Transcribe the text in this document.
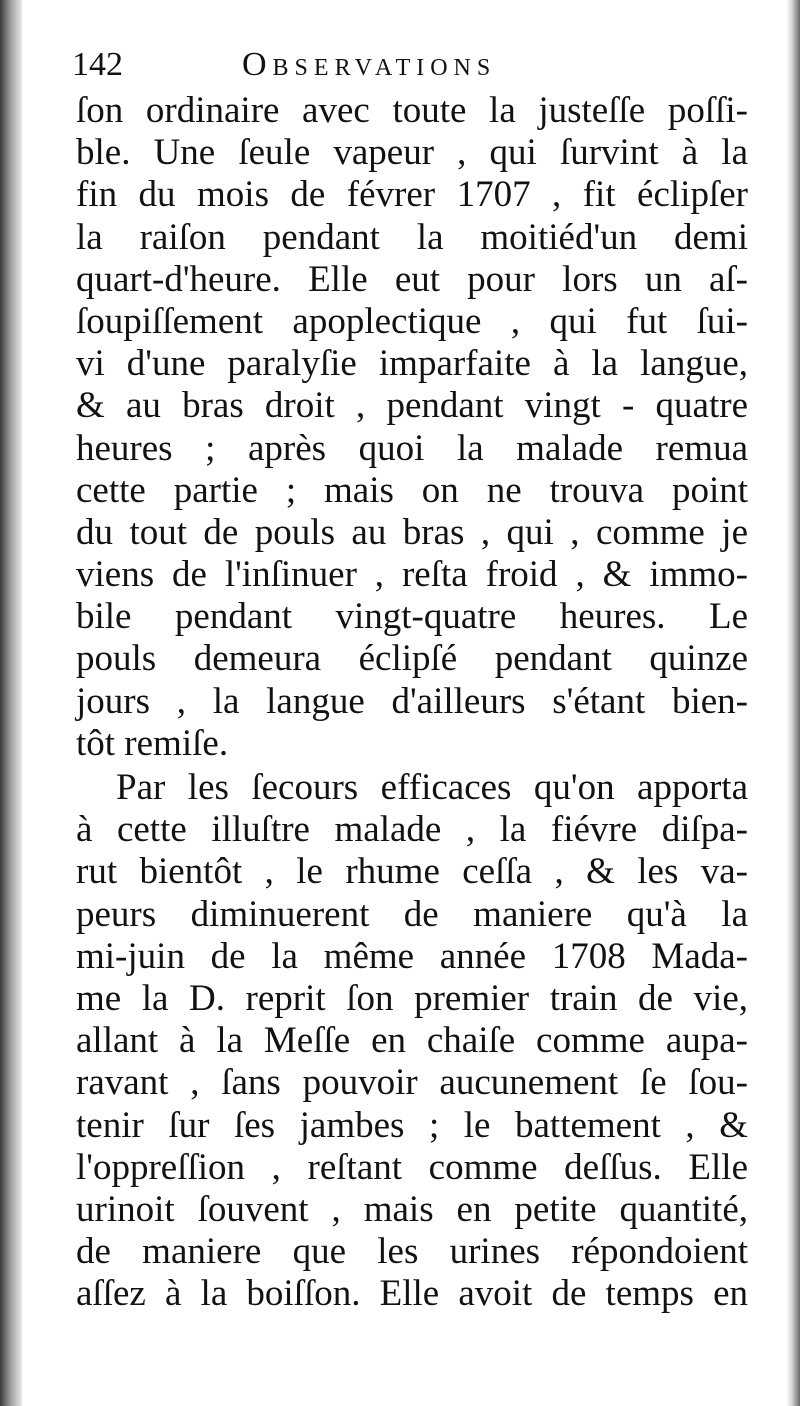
142	Observations
ſon ordinaire avec toute la justeſſe poſſi-
ble. Une ſeule vapeur , qui ſurvint à la
fin du mois de févrer 1707 , fit éclipſer
la raiſon pendant la moitiéd'un demi
quart-d'heure. Elle eut pour lors un aſ-
ſoupiſſement apoplectique , qui fut ſui-
vi d'une paralyſie imparfaite à la langue,
& au bras droit , pendant vingt - quatre
heures ; après quoi la malade remua
cette partie ; mais on ne trouva point
du tout de pouls au bras , qui , comme je
viens de l'inſinuer , reſta froid , & immo-
bile pendant vingt-quatre heures. Le
pouls demeura éclipſé pendant quinze
jours , la langue d'ailleurs s'étant bien-
tôt remiſe.
Par les ſecours efficaces qu'on apporta
à cette illuſtre malade , la fiévre diſpa-
rut bientôt , le rhume ceſſa , & les va-
peurs diminuerent de maniere qu'à la
mi-juin de la même année 1708 Mada-
me la D. reprit ſon premier train de vie,
allant à la Meſſe en chaiſe comme aupa-
ravant , ſans pouvoir aucunement ſe ſou-
tenir ſur ſes jambes ; le battement , &
l'oppreſſion , reſtant comme deſſus. Elle
urinoit ſouvent , mais en petite quantité,
de maniere que les urines répondoient
aſſez à la boiſſon. Elle avoit de temps en
